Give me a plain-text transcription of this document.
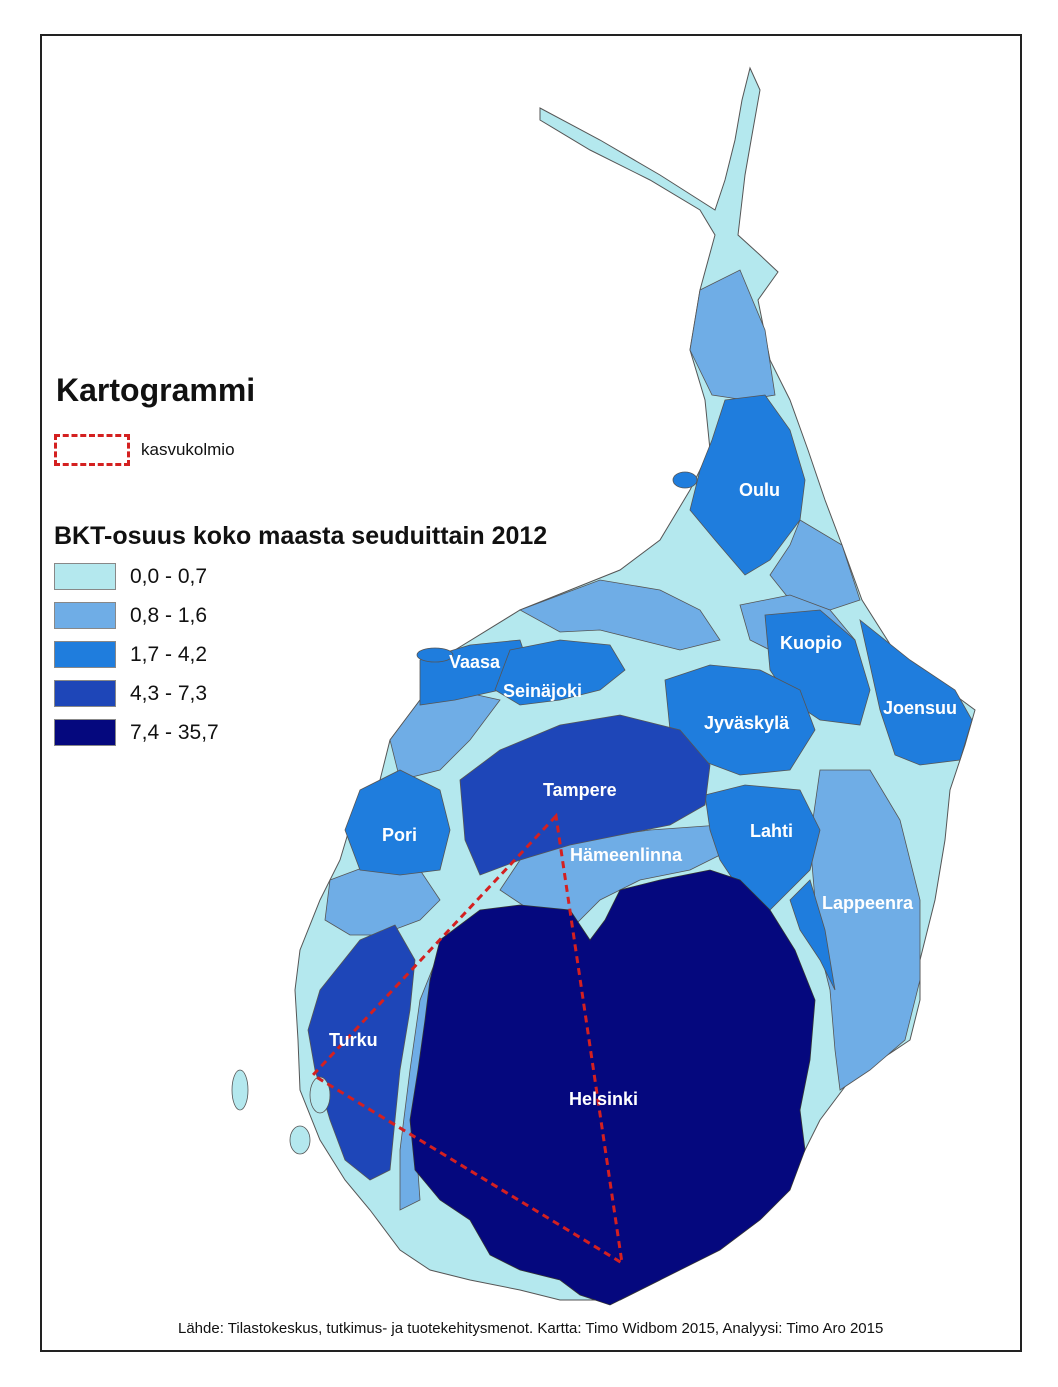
Kartogrammi
kasvukolmio
BKT-osuus koko maasta seuduittain 2012
0,0 - 0,7
0,8 - 1,6
1,7 - 4,2
4,3 - 7,3
7,4 - 35,7
Oulu
Kuopio
Vaasa
Seinäjoki
Jyväskylä
Joensuu
Tampere
Pori	Lahti
Hämeenlinna
Lappeenra
Turku
Helsinki
Lähde: Tilastokeskus, tutkimus- ja tuotekehitysmenot. Kartta: Timo Widbom 2015, Analyysi: Timo Aro 2015
